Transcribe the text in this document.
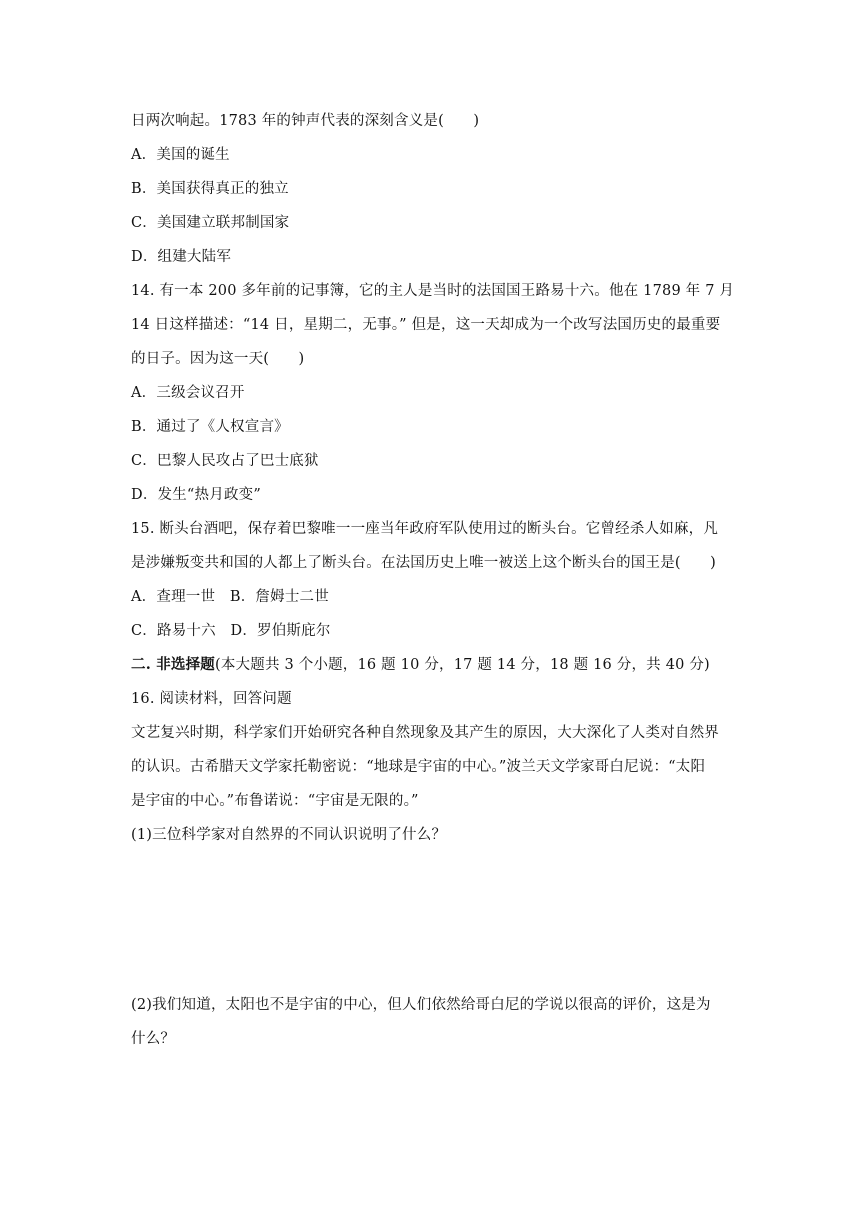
日两次响起。1783 年的钟声代表的深刻含义是(　　)
A．美国的诞生
B．美国获得真正的独立
C．美国建立联邦制国家
D．组建大陆军
14. 有一本 200 多年前的记事簿，它的主人是当时的法国国王路易十六。他在 1789 年 7 月
14 日这样描述：“14 日，星期二，无事。” 但是，这一天却成为一个改写法国历史的最重要
的日子。因为这一天(　　)
A．三级会议召开
B．通过了《人权宣言》
C．巴黎人民攻占了巴士底狱
D．发生“热月政变”
15. 断头台酒吧，保存着巴黎唯一一座当年政府军队使用过的断头台。它曾经杀人如麻，凡
是涉嫌叛变共和国的人都上了断头台。在法国历史上唯一被送上这个断头台的国王是(　　)
A．查理一世　B．詹姆士二世
C．路易十六　D．罗伯斯庇尔
二. 非选择题(本大题共 3 个小题，16 题 10 分，17 题 14 分，18 题 16 分，共 40 分)
16. 阅读材料，回答问题
文艺复兴时期，科学家们开始研究各种自然现象及其产生的原因，大大深化了人类对自然界
的认识。古希腊天文学家托勒密说：“地球是宇宙的中心。”波兰天文学家哥白尼说：“太阳
是宇宙的中心。”布鲁诺说：“宇宙是无限的。”
(1)三位科学家对自然界的不同认识说明了什么？
(2)我们知道，太阳也不是宇宙的中心，但人们依然给哥白尼的学说以很高的评价，这是为
什么？
